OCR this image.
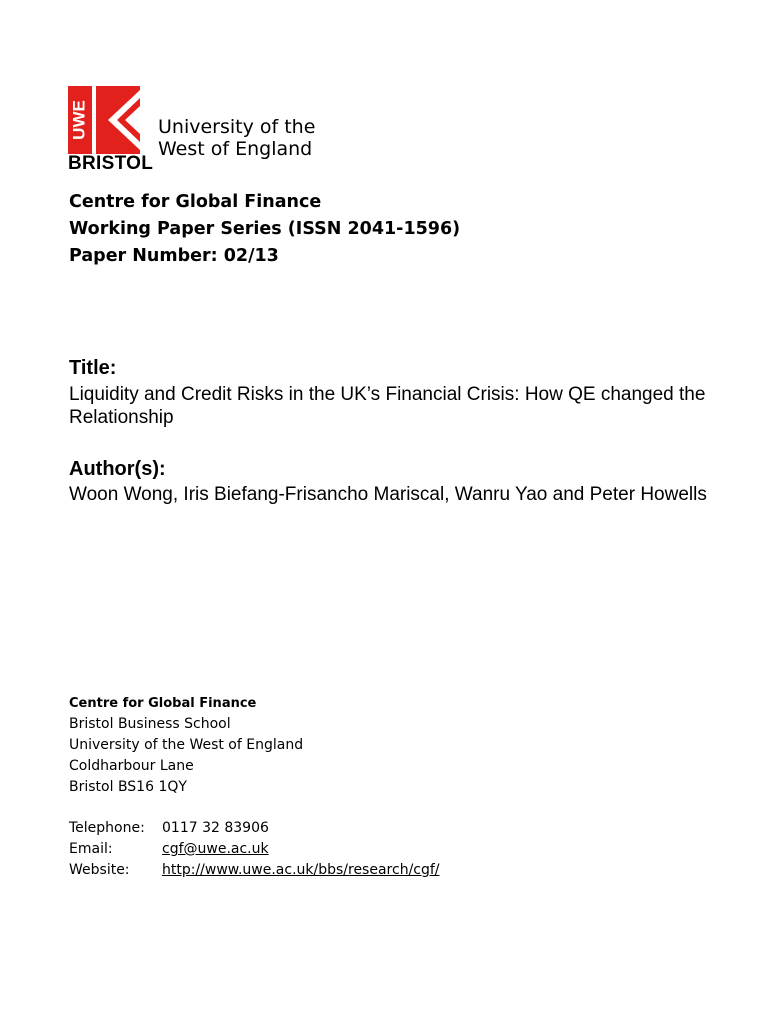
UWE
BRISTOL
University of the
West of England
Centre for Global Finance
Working Paper Series (ISSN 2041-1596)
Paper Number: 02/13
Title:
Liquidity and Credit Risks in the UK’s Financial Crisis: How QE changed the Relationship
Author(s):
Woon Wong, Iris Biefang-Frisancho Mariscal, Wanru Yao and Peter Howells
Centre for Global Finance
Bristol Business School
University of the West of England
Coldharbour Lane
Bristol BS16 1QY
Telephone:	0117 32 83906
Email:	cgf@uwe.ac.uk
Website:	http://www.uwe.ac.uk/bbs/research/cgf/
